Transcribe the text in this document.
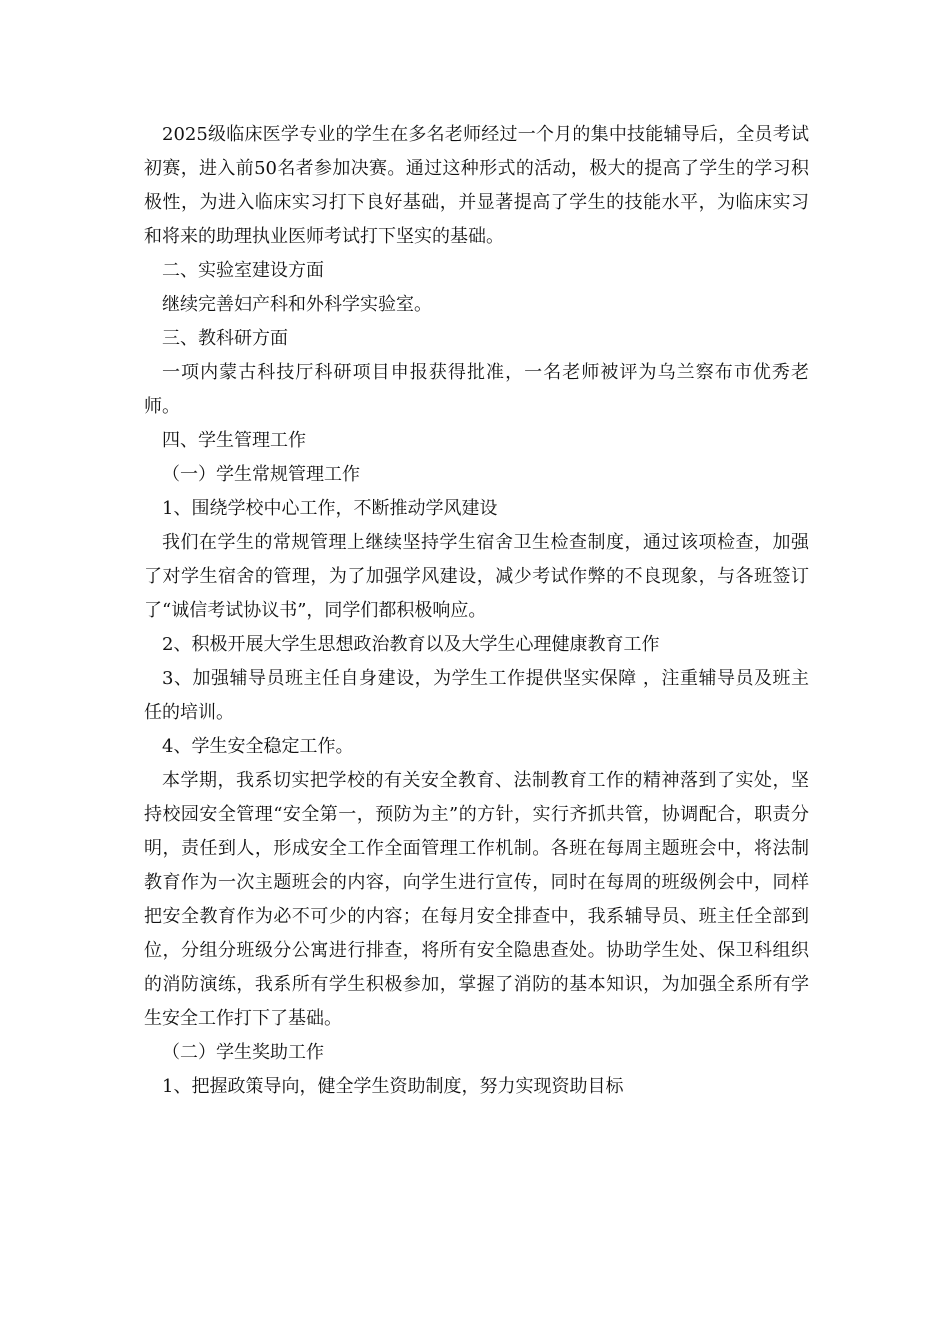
2025级临床医学专业的学生在多名老师经过一个月的集中技能辅导后，全员考试初赛，进入前50名者参加决赛。通过这种形式的活动，极大的提高了学生的学习积极性，为进入临床实习打下良好基础，并显著提高了学生的技能水平，为临床实习和将来的助理执业医师考试打下坚实的基础。

二、实验室建设方面

继续完善妇产科和外科学实验室。

三、教科研方面

一项内蒙古科技厅科研项目申报获得批准，一名老师被评为乌兰察布市优秀老师。

四、学生管理工作

（一）学生常规管理工作

1、围绕学校中心工作，不断推动学风建设

我们在学生的常规管理上继续坚持学生宿舍卫生检查制度，通过该项检查，加强了对学生宿舍的管理，为了加强学风建设，减少考试作弊的不良现象，与各班签订了“诚信考试协议书”，同学们都积极响应。

2、积极开展大学生思想政治教育以及大学生心理健康教育工作

3、加强辅导员班主任自身建设，为学生工作提供坚实保障 ，注重辅导员及班主任的培训。

4、学生安全稳定工作。

本学期，我系切实把学校的有关安全教育、法制教育工作的精神落到了实处，坚持校园安全管理“安全第一，预防为主”的方针，实行齐抓共管，协调配合，职责分明，责任到人，形成安全工作全面管理工作机制。各班在每周主题班会中，将法制教育作为一次主题班会的内容，向学生进行宣传，同时在每周的班级例会中，同样把安全教育作为必不可少的内容；在每月安全排查中，我系辅导员、班主任全部到位，分组分班级分公寓进行排查，将所有安全隐患查处。协助学生处、保卫科组织的消防演练，我系所有学生积极参加，掌握了消防的基本知识，为加强全系所有学生安全工作打下了基础。

（二）学生奖助工作

1、把握政策导向，健全学生资助制度，努力实现资助目标
